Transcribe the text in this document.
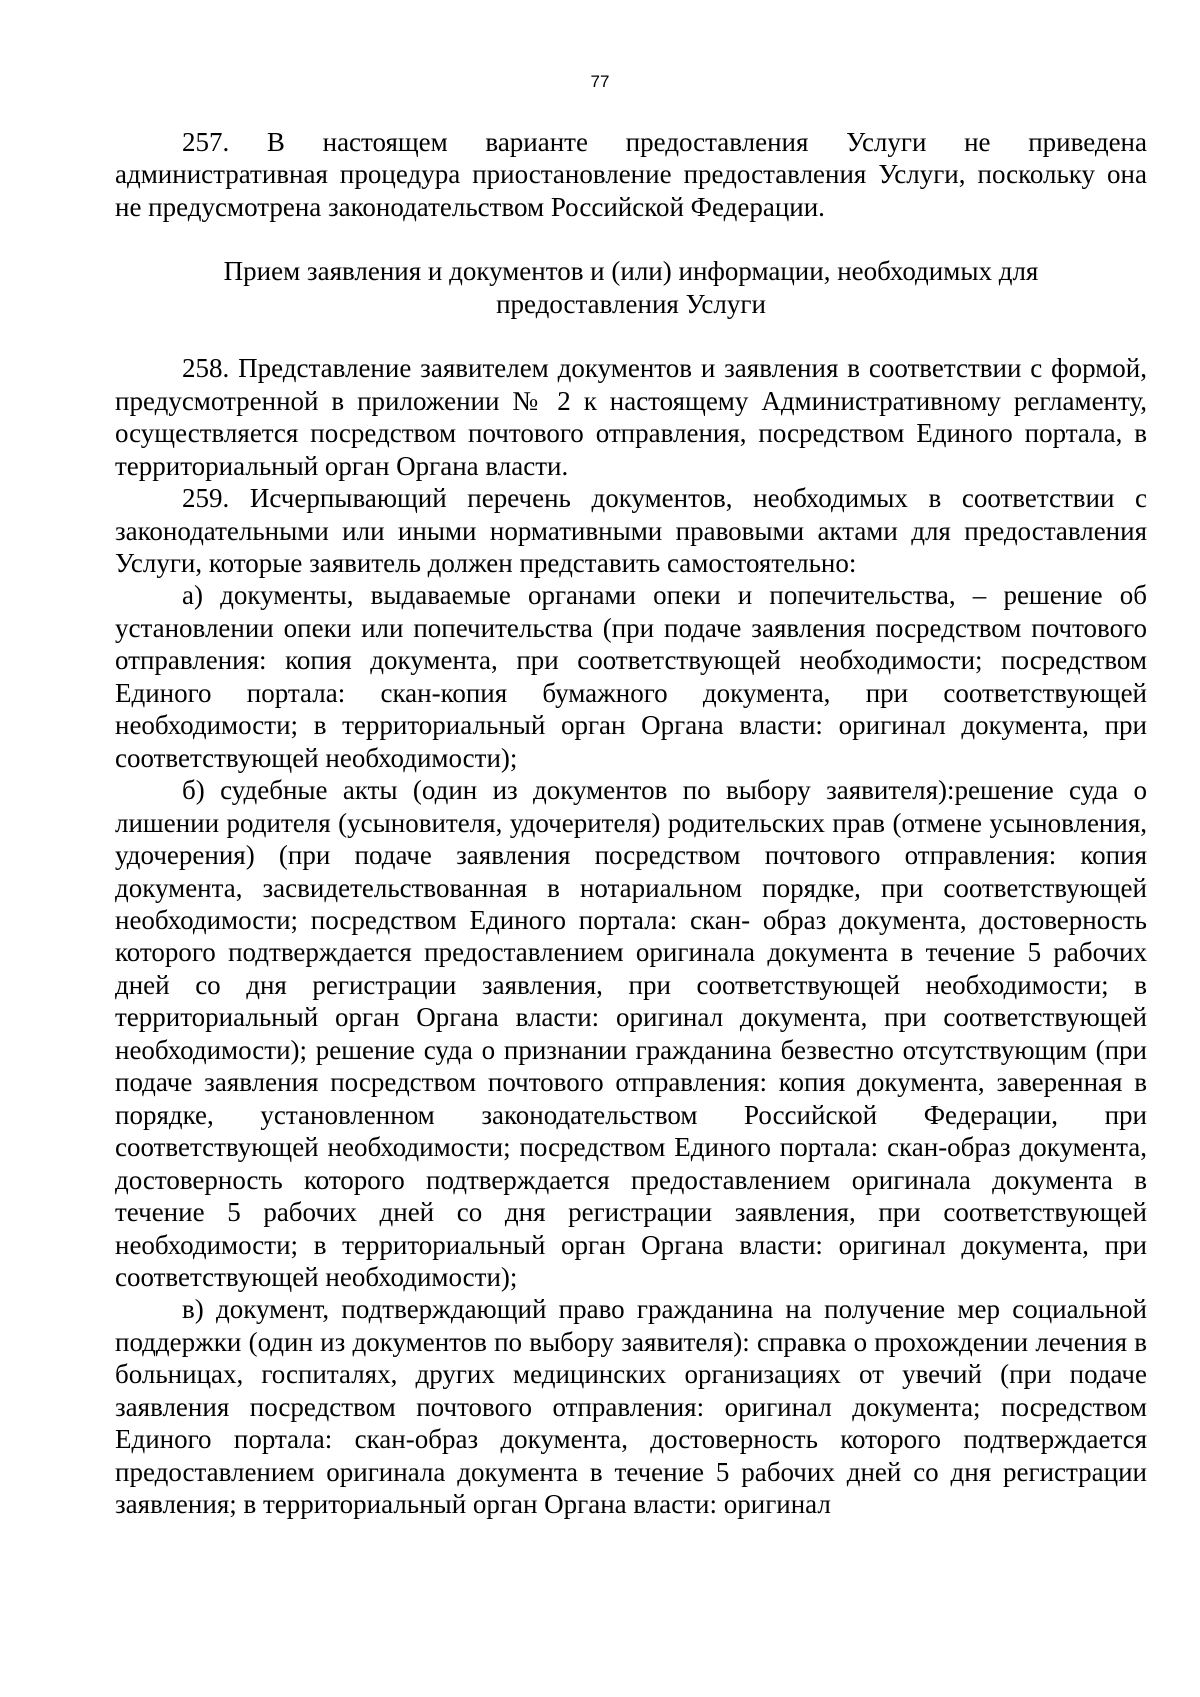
77

257. В настоящем варианте предоставления Услуги не приведена административная процедура приостановление предоставления Услуги, поскольку она не предусмотрена законодательством Российской Федерации.

Прием заявления и документов и (или) информации, необходимых для
предоставления Услуги

258. Представление заявителем документов и заявления в соответствии с формой, предусмотренной в приложении № 2 к настоящему Административному регламенту, осуществляется посредством почтового отправления, посредством Единого портала, в территориальный орган Органа власти.

259. Исчерпывающий перечень документов, необходимых в соответствии с законодательными или иными нормативными правовыми актами для предоставления Услуги, которые заявитель должен представить самостоятельно:

а) документы, выдаваемые органами опеки и попечительства, – решение об установлении опеки или попечительства (при подаче заявления посредством почтового отправления: копия документа, при соответствующей необходимости; посредством Единого портала: скан-копия бумажного документа, при соответствующей необходимости; в территориальный орган Органа власти: оригинал документа, при соответствующей необходимости);

б) судебные акты (один из документов по выбору заявителя):решение суда о лишении родителя (усыновителя, удочерителя) родительских прав (отмене усыновления, удочерения) (при подаче заявления посредством почтового отправления: копия документа, засвидетельствованная в нотариальном порядке, при соответствующей необходимости; посредством Единого портала: скан- образ документа, достоверность которого подтверждается предоставлением оригинала документа в течение 5 рабочих дней со дня регистрации заявления, при соответствующей необходимости; в территориальный орган Органа власти: оригинал документа, при соответствующей необходимости); решение суда о признании гражданина безвестно отсутствующим (при подаче заявления посредством почтового отправления: копия документа, заверенная в порядке, установленном законодательством Российской Федерации, при соответствующей необходимости; посредством Единого портала: скан-образ документа, достоверность которого подтверждается предоставлением оригинала документа в течение 5 рабочих дней со дня регистрации заявления, при соответствующей необходимости; в территориальный орган Органа власти: оригинал документа, при соответствующей необходимости);

в) документ, подтверждающий право гражданина на получение мер социальной поддержки (один из документов по выбору заявителя): справка о прохождении лечения в больницах, госпиталях, других медицинских организациях от увечий (при подаче заявления посредством почтового отправления: оригинал документа; посредством Единого портала: скан-образ документа, достоверность которого подтверждается предоставлением оригинала документа в течение 5 рабочих дней со дня регистрации заявления; в территориальный орган Органа власти: оригинал
